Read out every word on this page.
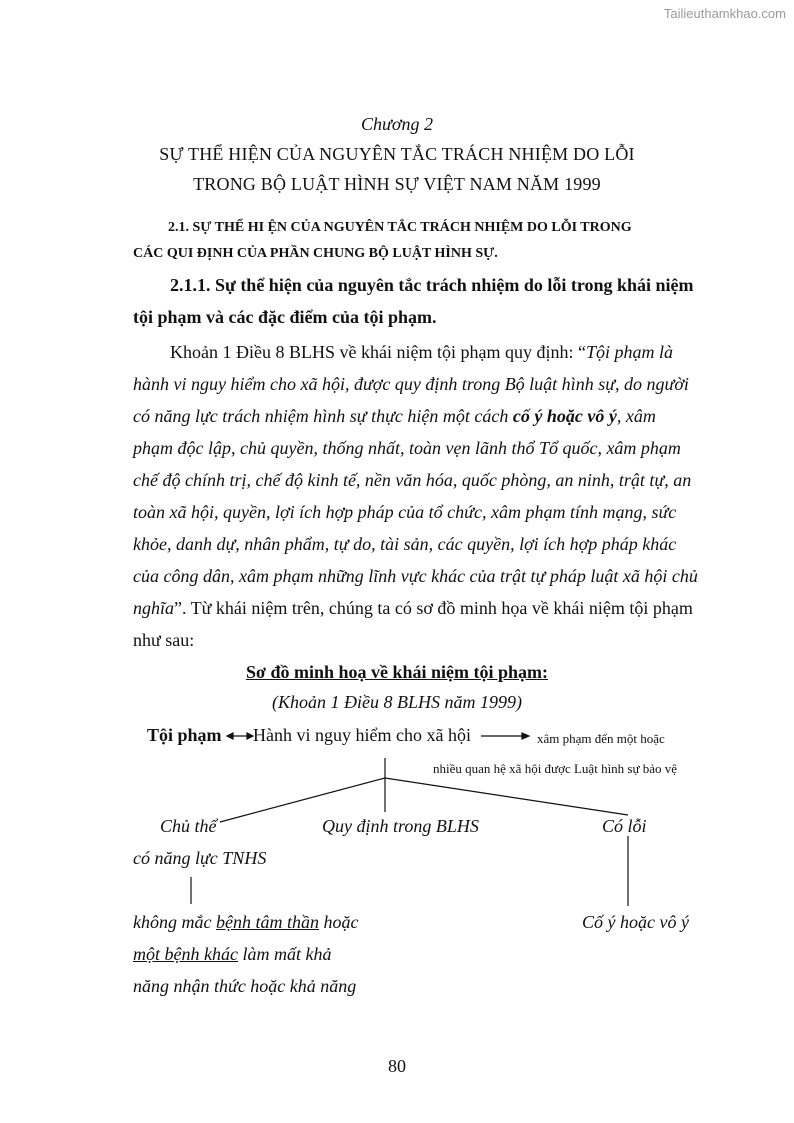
Tailieuthamkhao.com
Chương 2
SỰ THỂ HIỆN CỦA NGUYÊN TẮC TRÁCH NHIỆM DO LỖI
TRONG BỘ LUẬT HÌNH SỰ VIỆT NAM NĂM 1999
2.1. SỰ THỂ HI ỆN CỦA NGUYÊN TẮC TRÁCH NHIỆM DO LỖI TRONG
CÁC QUI ĐỊNH CỦA PHẦN CHUNG BỘ LUẬT HÌNH SỰ.
2.1.1. Sự thể hiện của nguyên tắc trách nhiệm do lỗi trong khái niệm
tội phạm và các đặc điểm của tội phạm.
Khoản 1 Điều 8 BLHS về khái niệm tội phạm quy định: “Tội phạm là
hành vi nguy hiểm cho xã hội, được quy định trong Bộ luật hình sự, do người
có năng lực trách nhiệm hình sự thực hiện một cách cố ý hoặc vô ý, xâm
phạm độc lập, chủ quyền, thống nhất, toàn vẹn lãnh thổ Tổ quốc, xâm phạm
chế độ chính trị, chế độ kinh tế, nền văn hóa, quốc phòng, an ninh, trật tự, an
toàn xã hội, quyền, lợi ích hợp pháp của tổ chức, xâm phạm tính mạng, sức
khỏe, danh dự, nhân phẩm, tự do, tài sản, các quyền, lợi ích hợp pháp khác
của công dân, xâm phạm những lĩnh vực khác của trật tự pháp luật xã hội chủ
nghĩa”. Từ khái niệm trên, chúng ta có sơ đồ minh họa về khái niệm tội phạm
như sau:
Sơ đồ minh hoạ về khái niệm tội phạm:
(Khoản 1 Điều 8 BLHS năm 1999)
Tội phạm Hành vi nguy hiểm cho xã hội	xâm phạm đến một hoặc
nhiều quan hệ xã hội được Luật hình sự bảo vệ
Chủ thể	Quy định trong BLHS	Có lỗi
có năng lực TNHS
không mắc bệnh tâm thần hoặc
một bệnh khác làm mất khả
năng nhận thức hoặc khả năng
Cố ý hoặc vô ý
80
